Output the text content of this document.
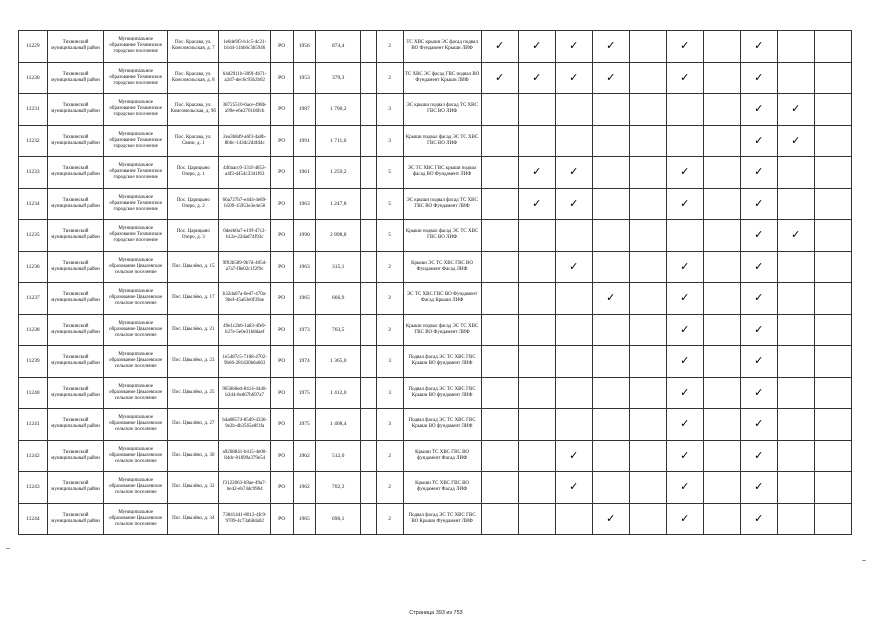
11229	Тихвинский муниципальный район	Муниципальное образование Тихвинское городское поселение	Пос. Красава, ул. Комсомольская, д. 7	1e6de9f3-b1c5-4c21-b1d4-11bb6c3b5946	РО	1956	874,4		2	ТС ХВС крыши ЭС фасад подвал ВО Фундамент Крыши ЛИФ	✓	✓	✓	✓		✓		✓		
11230	Тихвинский муниципальный район	Муниципальное образование Тихвинское городское поселение	Пос. Красава, ул. Комсомольская, д. 8	64d2911b-309f-4b71-a2d7-dec6c93b2b02	РО	1953	379,3		2	ТС ХВС ЭС фасад ГВС подвал ВО Фундамент Крыши ЛИФ	✓	✓	✓	✓		✓		✓		
11231	Тихвинский муниципальный район	Муниципальное образование Тихвинское городское поселение	Пос. Красава, ул. Комсомольская, д. 9б	38725510-6ace-498b-a99e-e6e2701b6fcb	РО	1987	1 700,2		3	ЭС крыши подвал фасад ТС ХВС ГВС ВО ЛИФ								✓	✓	
11232	Тихвинский муниципальный район	Муниципальное образование Тихвинское городское поселение	Пос. Красава, ул. Связи, д. 1	2ea3b8d9-a6f3-4a8b-8b6c-143dc2d4fd4c	РО	1991	1 711,6		3	Крыши подвал фасад ЭС ТС ХВС ГВС ВО ЛИФ								✓	✓	
11233	Тихвинский муниципальный район	Муниципальное образование Тихвинское городское поселение	Пос. Царицыно Озеро, д. 1	440aacc0-331f-4853-a4f3-d454c3341f63	РО	1961	1 259,2		5	ЭС ТС ХВС ГВС крыши подвал фасад ВО Фундамент ЛИФ		✓	✓			✓		✓		
11234	Тихвинский муниципальный район	Муниципальное образование Тихвинское городское поселение	Пос. Царицыно Озеро, д. 2	66a727b7-e4d4-4e89-b509-15953e3e4e58	РО	1963	1 247,8		5	ЭС крыши подвал фасад ТС ХВС ГВС ВО Фундамент ЛИФ		✓	✓			✓		✓		
11235	Тихвинский муниципальный район	Муниципальное образование Тихвинское городское поселение	Пос. Царицыно Озеро, д. 3	0deeb0a7-e19f-47c2-b12e-22dad74f93c	РО	1990	2 898,8		5	Крыши подвал фасад ЭС ТС ХВС ГВС ВО ЛИФ								✓	✓	
11236	Тихвинский муниципальный район	Муниципальное образование Цвылевское сельское поселение	Пос. Цвылёво, д. 15	9f93b589-9b7d-405d-a7a7-f8e02c1f2f9c	РО	1963	315,1		2	Крыши ЭС ТС ХВС ГВС ВО Фундамент Фасад ЛИФ			✓			✓		✓		
11237	Тихвинский муниципальный район	Муниципальное образование Цвылевское сельское поселение	Пос. Цвылёво, д. 17	b32da07a-0ed7-470a-9bef-45a63e0f39ae	РО	1965	666,9		2	ЭС ТС ХВС ГВС ВО Фундамент Фасад Крыши ЛИФ				✓		✓		✓		
11238	Тихвинский муниципальный район	Муниципальное образование Цвылевское сельское поселение	Пос. Цвылёво, д. 21	49e1c2b6-1a83-4fe9-b27e-5e0e31b8daef	РО	1973	763,5		2	Крыши подвал фасад ЭС ТС ХВС ГВС ВО Фундамент ЛИФ						✓		✓		
11239	Тихвинский муниципальный район	Муниципальное образование Цвылевское сельское поселение	Пос. Цвылёво, д. 23	1e5487c5-7188-4702-9b66-281d30b8a663	РО	1974	1 365,0		3	Подвал фасад ЭС ТС ХВС ГВС Крыши ВО фундамент ЛИФ						✓		✓		
11240	Тихвинский муниципальный район	Муниципальное образование Цвылевское сельское поселение	Пос. Цвылёво, д. 25	9658b8ed-8414-4440-b2d4-0ed67b697a7	РО	1975	1 412,0		3	Подвал фасад ЭС ТС ХВС ГВС Крыши ВО фундамент ЛИФ						✓		✓		
11241	Тихвинский муниципальный район	Муниципальное образование Цвылевское сельское поселение	Пос. Цвылёво, д. 27	b4a88574-85d9-4336-9e2b-db3565e8f1fa	РО	1975	1 408,4		3	Подвал фасад ЭС ТС ХВС ГВС Крыши ВО фундамент ЛИФ						✓		✓		
11242	Тихвинский муниципальный район	Муниципальное образование Цвылевское сельское поселение	Пос. Цвылёво, д. 30	a9268841-b415-4e00-84dc-01899a379e54	РО	1962	512,0		2	Крыши ТС ХВС ГВС ВО фундамент Фасад ЛИФ			✓			✓		✓		
11243	Тихвинский муниципальный район	Муниципальное образование Цвылевское сельское поселение	Пос. Цвылёво, д. 32	f3122063-b9ae-49a7-be42-eb74dc9964	РО	1962	702,3		2	Крыши ТС ХВС ГВС ВО фундамент Фасад ЛИФ			✓			✓		✓		
11244	Тихвинский муниципальный район	Муниципальное образование Цвылевское сельское поселение	Пос. Цвылёво, д. 34	73841441-8012-4fc9-9709-4c73ab8da02	РО	1965	696,1		2	Подвал фасад ЭС ТС ХВС ГВС ВО Крыши Фундамент ЛИФ				✓		✓		✓		
Страница 393 из 753
